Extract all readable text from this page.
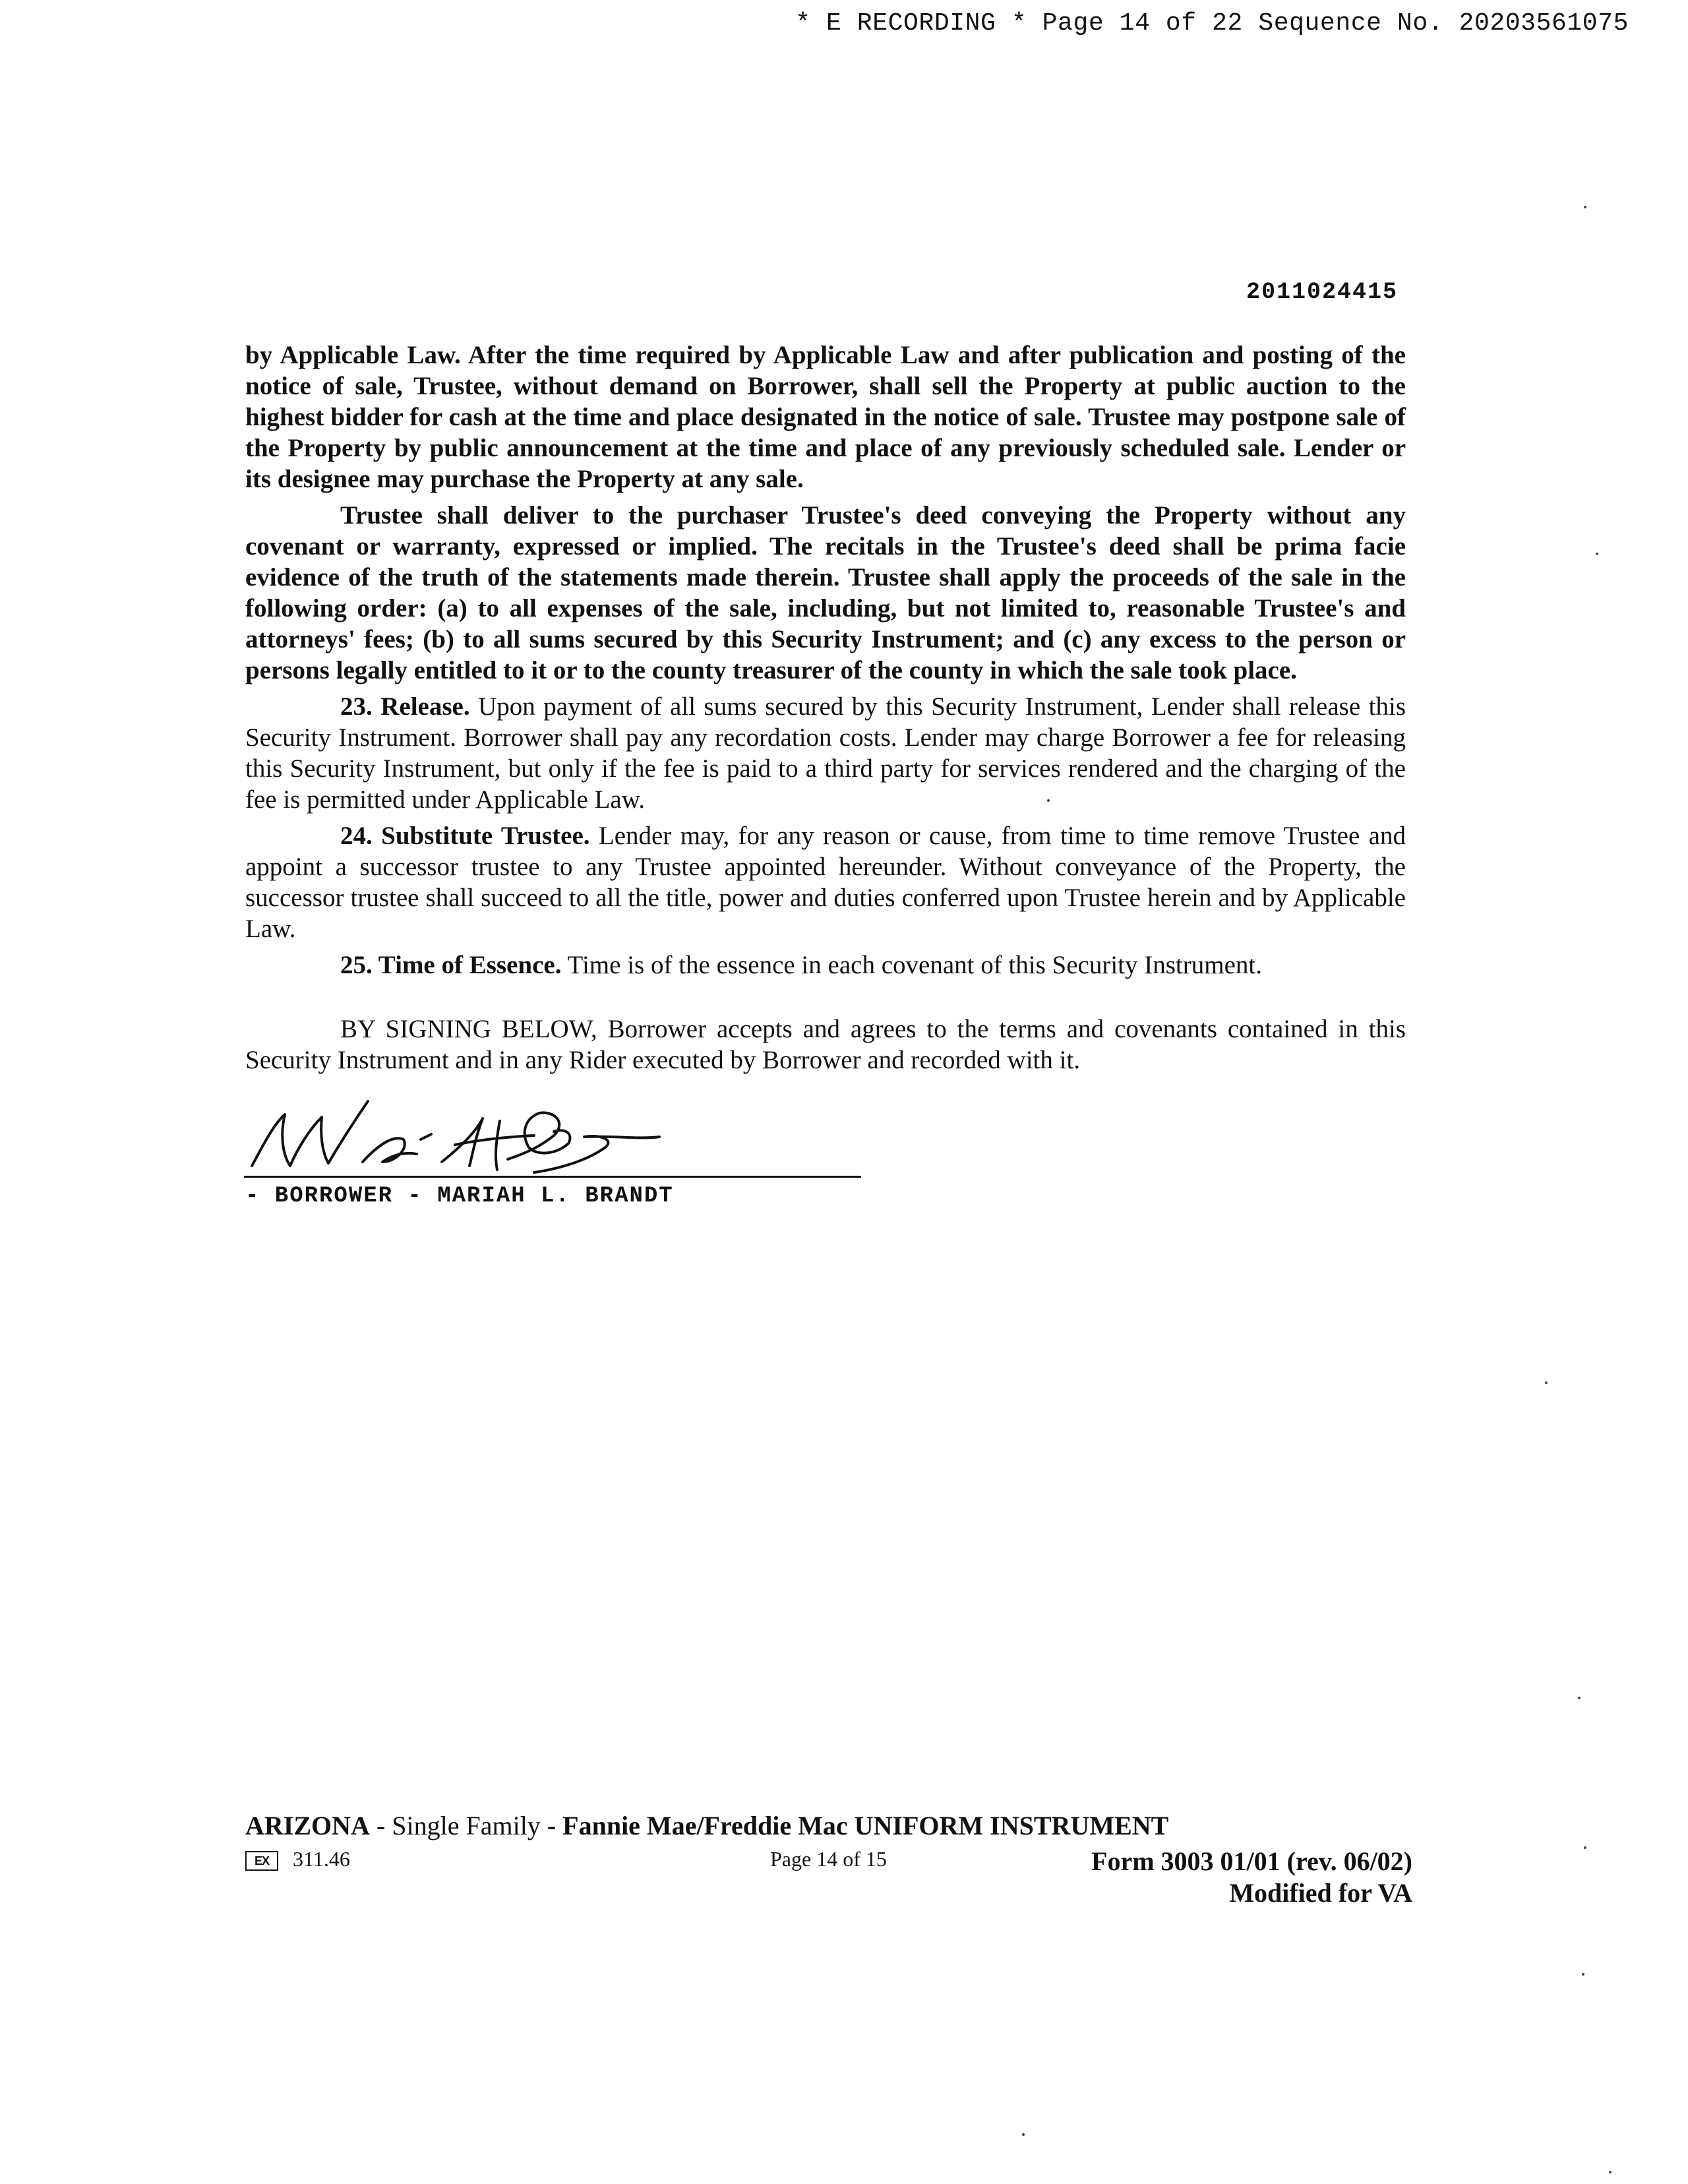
* E RECORDING * Page 14 of 22 Sequence No. 20203561075
2011024415

by Applicable Law. After the time required by Applicable Law and after publication and posting of the notice of sale, Trustee, without demand on Borrower, shall sell the Property at public auction to the highest bidder for cash at the time and place designated in the notice of sale. Trustee may postpone sale of the Property by public announcement at the time and place of any previously scheduled sale. Lender or its designee may purchase the Property at any sale.

Trustee shall deliver to the purchaser Trustee's deed conveying the Property without any covenant or warranty, expressed or implied. The recitals in the Trustee's deed shall be prima facie evidence of the truth of the statements made therein. Trustee shall apply the proceeds of the sale in the following order: (a) to all expenses of the sale, including, but not limited to, reasonable Trustee's and attorneys' fees; (b) to all sums secured by this Security Instrument; and (c) any excess to the person or persons legally entitled to it or to the county treasurer of the county in which the sale took place.

23. Release. Upon payment of all sums secured by this Security Instrument, Lender shall release this Security Instrument. Borrower shall pay any recordation costs. Lender may charge Borrower a fee for releasing this Security Instrument, but only if the fee is paid to a third party for services rendered and the charging of the fee is permitted under Applicable Law.

24. Substitute Trustee. Lender may, for any reason or cause, from time to time remove Trustee and appoint a successor trustee to any Trustee appointed hereunder. Without conveyance of the Property, the successor trustee shall succeed to all the title, power and duties conferred upon Trustee herein and by Applicable Law.

25. Time of Essence. Time is of the essence in each covenant of this Security Instrument.

BY SIGNING BELOW, Borrower accepts and agrees to the terms and covenants contained in this Security Instrument and in any Rider executed by Borrower and recorded with it.

- BORROWER - MARIAH L. BRANDT
ARIZONA - Single Family - Fannie Mae/Freddie Mac UNIFORM INSTRUMENT
EX	311.46	Page 14 of 15	Form 3003 01/01 (rev. 06/02)
Modified for VA
